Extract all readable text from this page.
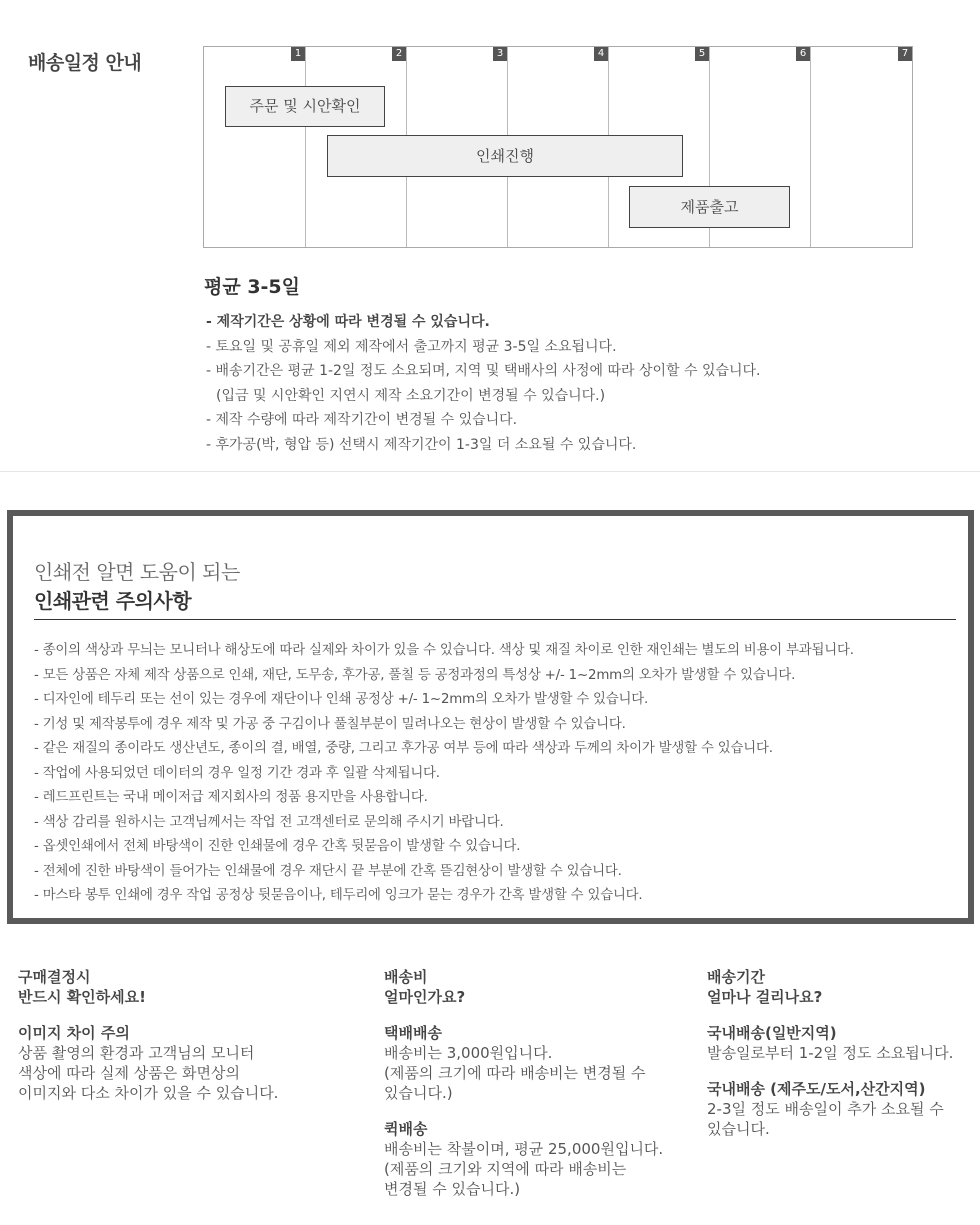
배송일정 안내	1	2	3	4	5	6	7
주문 및 시안확인
인쇄진행
제품출고
평균 3-5일
- 제작기간은 상황에 따라 변경될 수 있습니다.
- 토요일 및 공휴일 제외 제작에서 출고까지 평균 3-5일 소요됩니다.
- 배송기간은 평균 1-2일 정도 소요되며, 지역 및 택배사의 사정에 따라 상이할 수 있습니다.
(입금 및 시안확인 지연시 제작 소요기간이 변경될 수 있습니다.)
- 제작 수량에 따라 제작기간이 변경될 수 있습니다.
- 후가공(박, 형압 등) 선택시 제작기간이 1-3일 더 소요될 수 있습니다.
인쇄전 알면 도움이 되는
인쇄관련 주의사항
- 종이의 색상과 무늬는 모니터나 해상도에 따라 실제와 차이가 있을 수 있습니다. 색상 및 재질 차이로 인한 재인쇄는 별도의 비용이 부과됩니다.
- 모든 상품은 자체 제작 상품으로 인쇄, 재단, 도무송, 후가공, 풀칠 등 공정과정의 특성상 +/- 1~2mm의 오차가 발생할 수 있습니다.
- 디자인에 테두리 또는 선이 있는 경우에 재단이나 인쇄 공정상 +/- 1~2mm의 오차가 발생할 수 있습니다.
- 기성 및 제작봉투에 경우 제작 및 가공 중 구김이나 풀칠부분이 밀려나오는 현상이 발생할 수 있습니다.
- 같은 재질의 종이라도 생산년도, 종이의 결, 배열, 중량, 그리고 후가공 여부 등에 따라 색상과 두께의 차이가 발생할 수 있습니다.
- 작업에 사용되었던 데이터의 경우 일정 기간 경과 후 일괄 삭제됩니다.
- 레드프린트는 국내 메이저급 제지회사의 정품 용지만을 사용합니다.
- 색상 감리를 원하시는 고객님께서는 작업 전 고객센터로 문의해 주시기 바랍니다.
- 옵셋인쇄에서 전체 바탕색이 진한 인쇄물에 경우 간혹 뒷묻음이 발생할 수 있습니다.
- 전체에 진한 바탕색이 들어가는 인쇄물에 경우 재단시 끝 부분에 간혹 뜯김현상이 발생할 수 있습니다.
- 마스타 봉투 인쇄에 경우 작업 공정상 뒷묻음이나, 테두리에 잉크가 묻는 경우가 간혹 발생할 수 있습니다.

구매결정시

반드시 확인하세요!

이미지 차이 주의

상품 촬영의 환경과 고객님의 모니터

색상에 따라 실제 상품은 화면상의

이미지와 다소 차이가 있을 수 있습니다.

배송비

얼마인가요?

택배배송

배송비는 3,000원입니다.

(제품의 크기에 따라 배송비는 변경될 수

있습니다.)

퀵배송

배송비는 착불이며, 평균 25,000원입니다.

(제품의 크기와 지역에 따라 배송비는

변경될 수 있습니다.)

배송기간

얼마나 걸리나요?

국내배송(일반지역)

발송일로부터 1-2일 정도 소요됩니다.

국내배송 (제주도/도서,산간지역)

2-3일 정도 배송일이 추가 소요될 수

있습니다.
